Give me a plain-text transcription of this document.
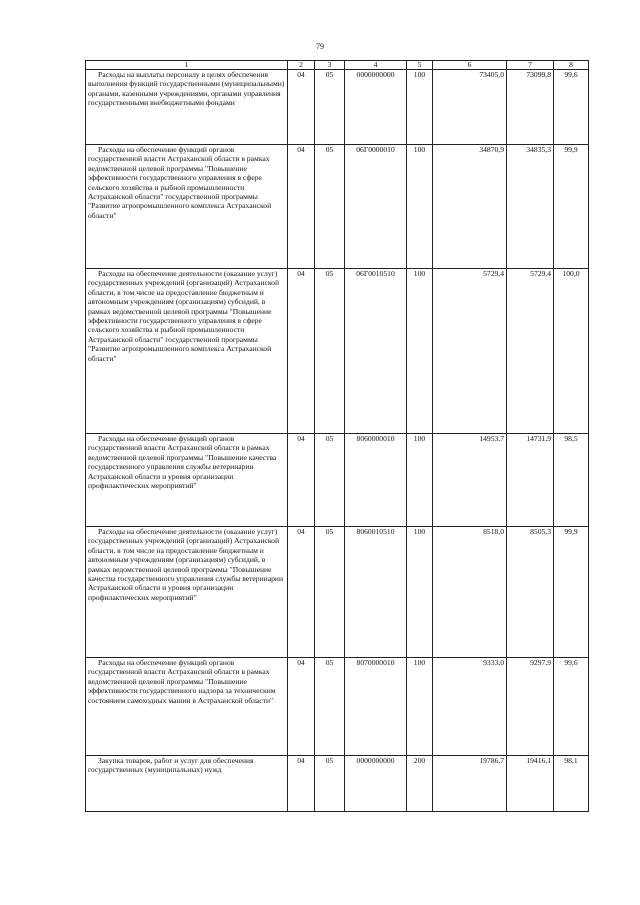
79
1	2	3	4	5	6	7	8

Расходы на выплаты персоналу в целях обеспечения выполнения функций государственными (муниципальными) органами, казенными учреждениями, органами управления государственными внебюджетными фондами	04	05	0000000000	100	73405,0	73099,8	99,6

Расходы на обеспечение функций органов государственной власти Астраханской области в рамках ведомственной целевой программы "Повышение эффективности государственного управления в сфере сельского хозяйства и рыбной промышленности Астраханской области" государственной программы "Развитие агропромышленного комплекса Астраханской области"	04	05	06Г0000010	100	34870,9	34835,3	99,9

Расходы на обеспечение деятельности (оказание услуг) государственных учреждений (организаций) Астраханской области, в том числе на предоставление бюджетным и автономным учреждениям (организациям) субсидий, в рамках ведомственной целевой программы "Повышение эффективности государственного управления в сфере сельского хозяйства и рыбной промышленности Астраханской области" государственной программы "Развитие агропромышленного комплекса Астраханской области"	04	05	06Г0010510	100	5729,4	5729,4	100,0

Расходы на обеспечение функций органов государственной власти Астраханской области в рамках ведомственной целевой программы "Повышение качества государственного управления службы ветеринарии Астраханской области и уровня организации профилактических мероприятий"	04	05	8060000010	100	14953,7	14731,9	98,5

Расходы на обеспечение деятельности (оказание услуг) государственных учреждений (организаций) Астраханской области, в том числе на предоставление бюджетным и автономным учреждениям (организациям) субсидий, в рамках ведомственной целевой программы "Повышение качества государственного управления службы ветеринарии Астраханской области и уровня организации профилактических мероприятий"	04	05	8060010510	100	8518,0	8505,3	99,9

Расходы на обеспечение функций органов государственной власти Астраханской области в рамках ведомственной целевой программы "Повышение эффективности государственного надзора за техническим состоянием самоходных машин в Астраханской области"	04	05	8070000010	100	9333,0	9297,9	99,6

Закупка товаров, работ и услуг для обеспечения государственных (муниципальных) нужд	04	05	0000000000	200	19786,7	19416,1	98,1
